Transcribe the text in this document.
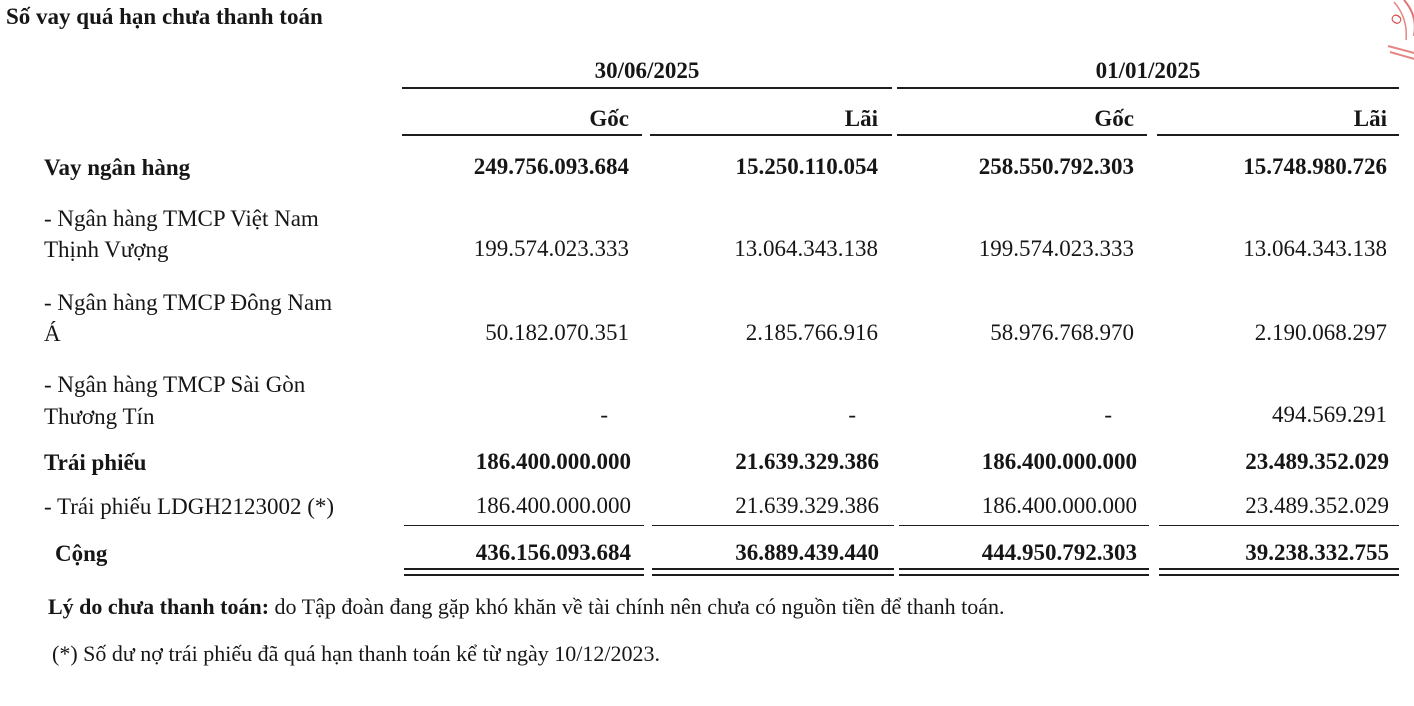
Số vay quá hạn chưa thanh toán
30/06/2025	01/01/2025
Gốc	Lãi	Gốc	Lãi
Vay ngân hàng	249.756.093.684	15.250.110.054	258.550.792.303	15.748.980.726
- Ngân hàng TMCP Việt Nam
Thịnh Vượng	199.574.023.333	13.064.343.138	199.574.023.333	13.064.343.138
- Ngân hàng TMCP Đông Nam
Á	50.182.070.351	2.185.766.916	58.976.768.970	2.190.068.297
- Ngân hàng TMCP Sài Gòn
Thương Tín	-	-	-	494.569.291
Trái phiếu	186.400.000.000	21.639.329.386	186.400.000.000	23.489.352.029
- Trái phiếu LDGH2123002 (*)	186.400.000.000	21.639.329.386	186.400.000.000	23.489.352.029
Cộng	436.156.093.684	36.889.439.440	444.950.792.303	39.238.332.755
Lý do chưa thanh toán: do Tập đoàn đang gặp khó khăn về tài chính nên chưa có nguồn tiền để thanh toán.
(*) Số dư nợ trái phiếu đã quá hạn thanh toán kể từ ngày 10/12/2023.
O
